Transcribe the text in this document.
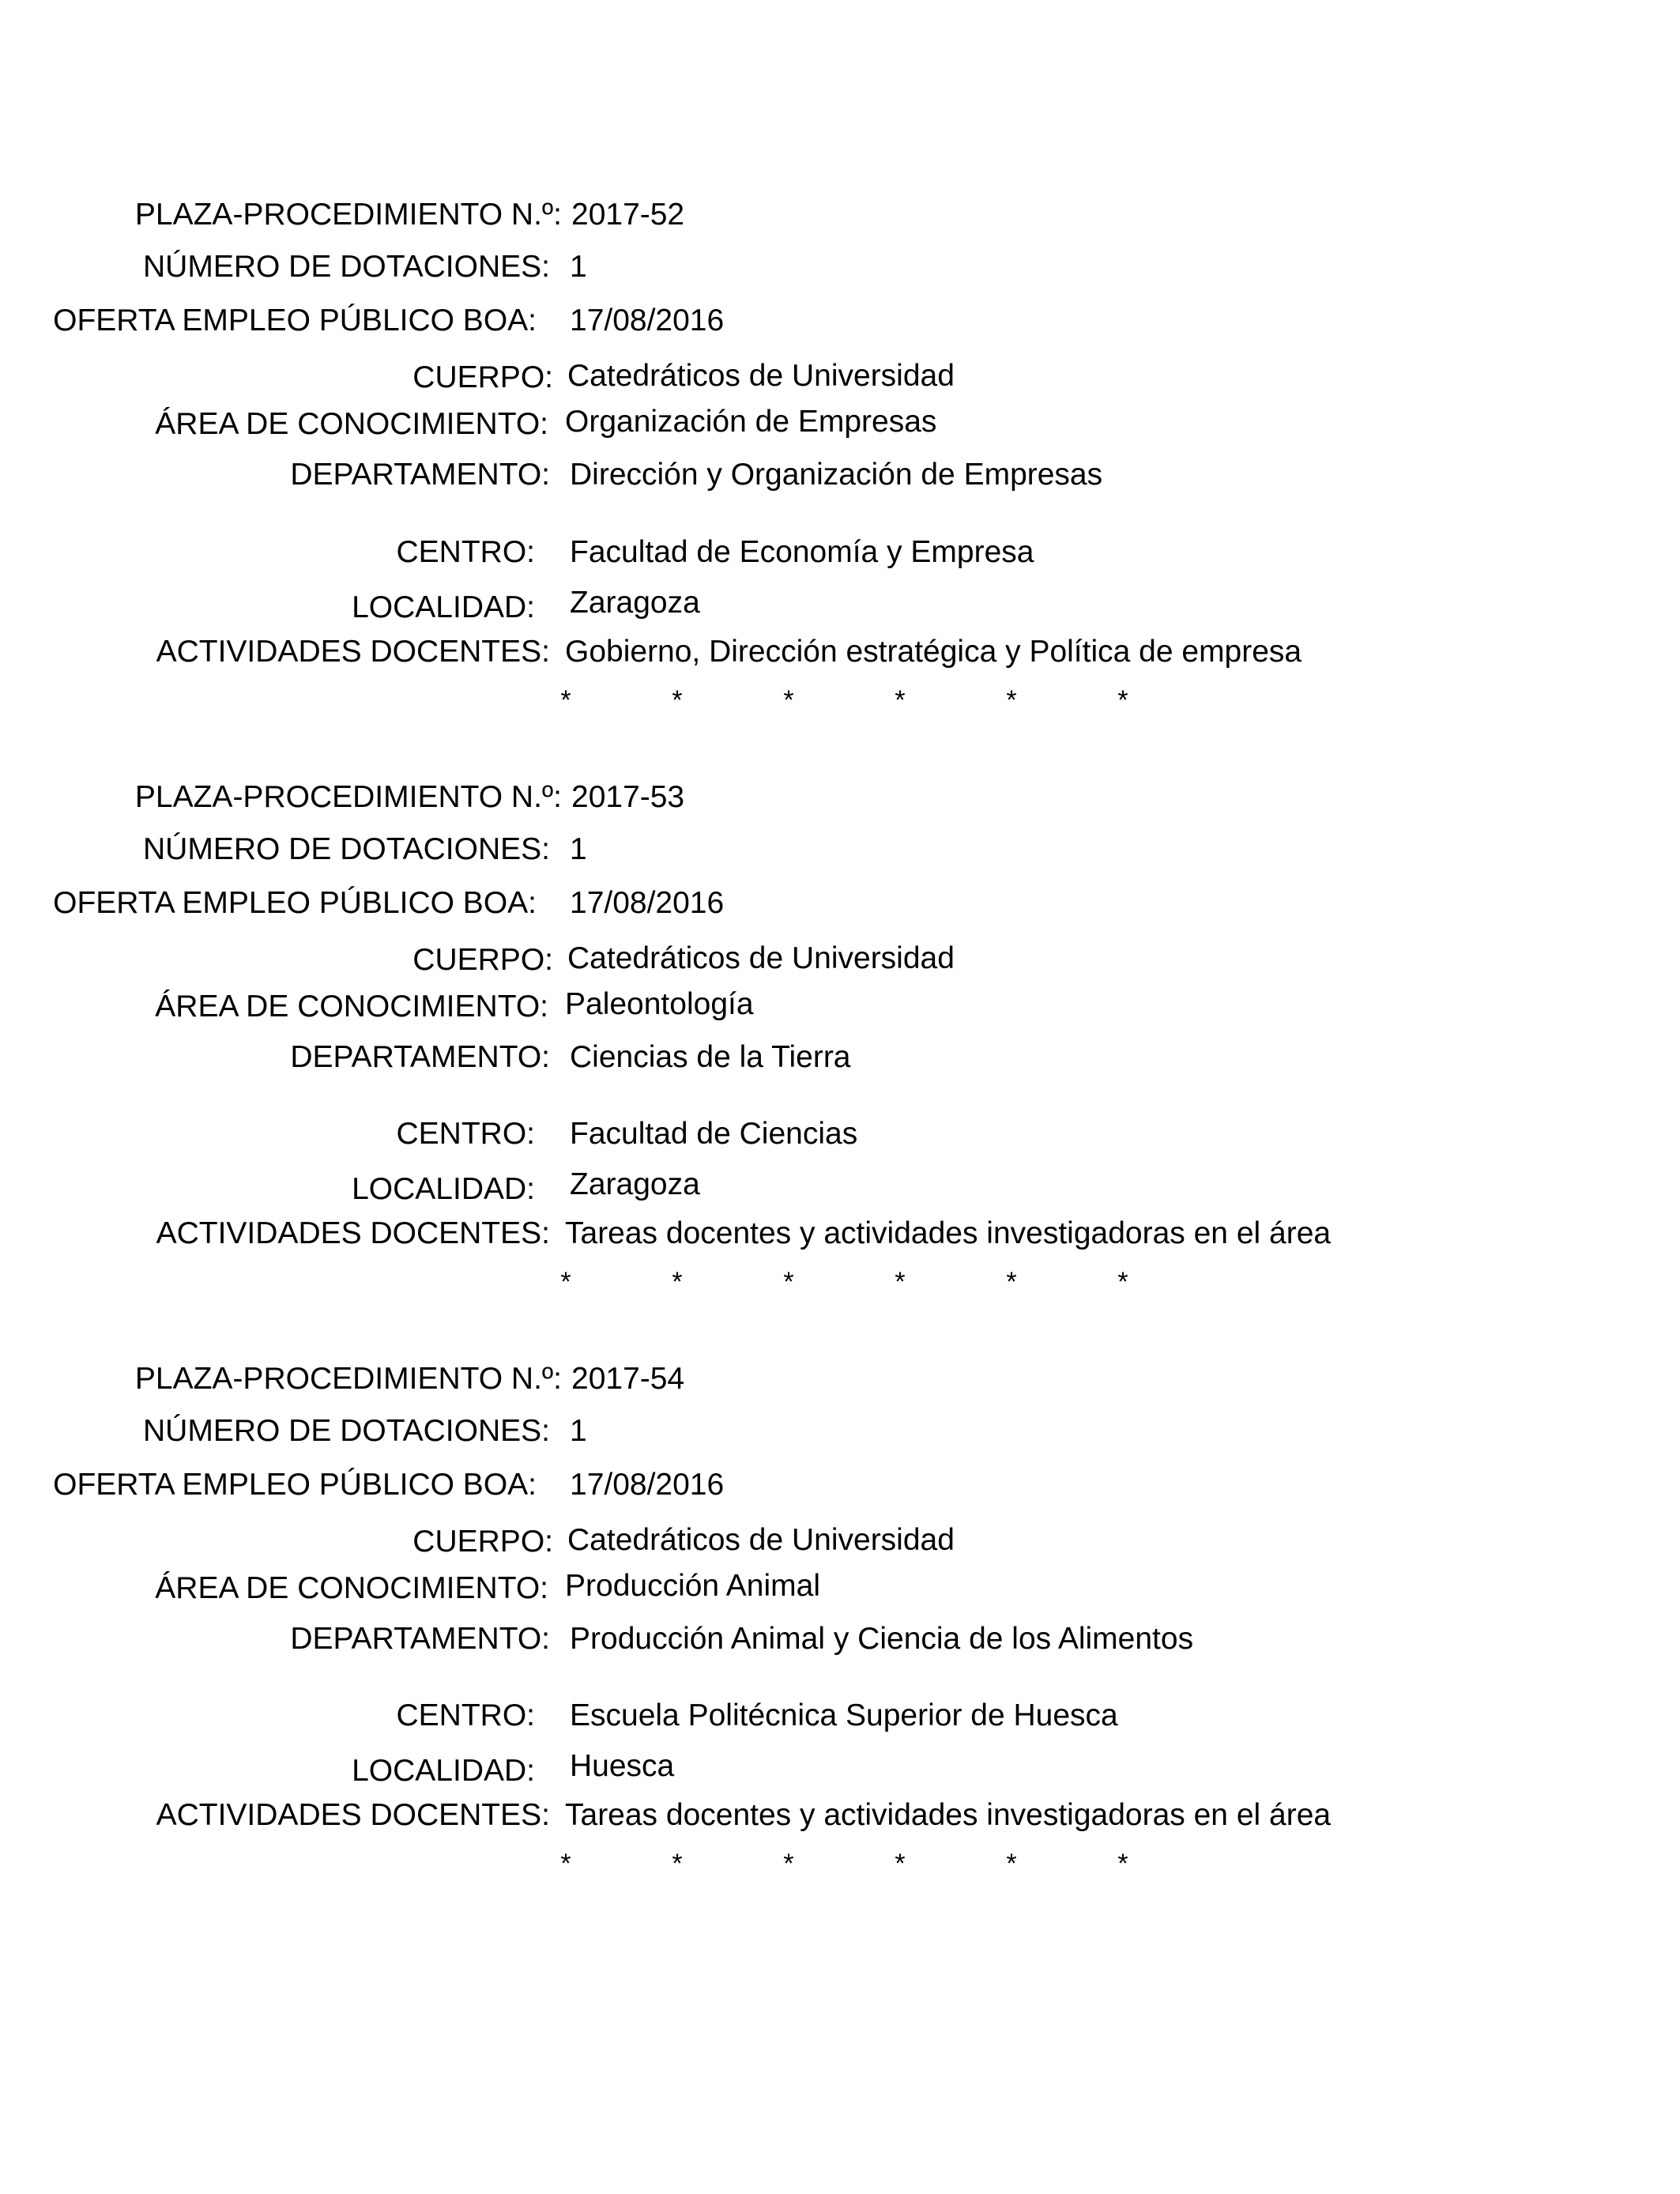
PLAZA-PROCEDIMIENTO N.º: 2017-52
NÚMERO DE DOTACIONES: 1
OFERTA EMPLEO PÚBLICO BOA: 17/08/2016
CUERPO: Catedráticos de Universidad
ÁREA DE CONOCIMIENTO: Organización de Empresas
DEPARTAMENTO: Dirección y Organización de Empresas
CENTRO: Facultad de Economía y Empresa
LOCALIDAD: Zaragoza
ACTIVIDADES DOCENTES: Gobierno, Dirección estratégica y Política de empresa
*	*	*	*	*	*
PLAZA-PROCEDIMIENTO N.º: 2017-53
NÚMERO DE DOTACIONES: 1
OFERTA EMPLEO PÚBLICO BOA: 17/08/2016
CUERPO: Catedráticos de Universidad
ÁREA DE CONOCIMIENTO: Paleontología
DEPARTAMENTO: Ciencias de la Tierra
CENTRO: Facultad de Ciencias
LOCALIDAD: Zaragoza
ACTIVIDADES DOCENTES: Tareas docentes y actividades investigadoras en el área
*	*	*	*	*	*
PLAZA-PROCEDIMIENTO N.º: 2017-54
NÚMERO DE DOTACIONES: 1
OFERTA EMPLEO PÚBLICO BOA: 17/08/2016
CUERPO: Catedráticos de Universidad
ÁREA DE CONOCIMIENTO: Producción Animal
DEPARTAMENTO: Producción Animal y Ciencia de los Alimentos
CENTRO: Escuela Politécnica Superior de Huesca
LOCALIDAD: Huesca
ACTIVIDADES DOCENTES: Tareas docentes y actividades investigadoras en el área
*	*	*	*	*	*
